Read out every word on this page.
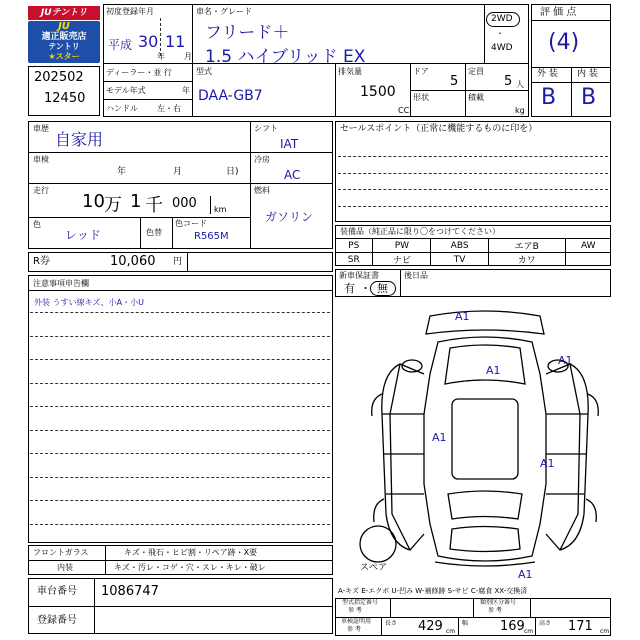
JUテントリ
JU
適正販売店
テントリ
★スター
202502
12450
初度登録年月
平成 30
年
11
月
車名・グレード
フリード＋
1.5 ハイブリッド EX
2WD
・
4WD
評 価 点
(4)
外 装 内 装
B B
ディーラー・並 行
モデル年式	年
ハンドル 左・右
型式
DAA-GB7
排気量
1500
CC
ドア
5
形状
定員
5 人
積載
kg
車歴
自家用
車検
年	月	日)
走行
10 万 1 千 000 km
色
レッド	色替
色コード
R565M
シフト
IAT
冷房
AC
燃料
ガソリン
R券	10,060 円
注意事項申告欄
外装 うすい線キズ、小A・小U
フロントガラス	キズ・飛石・ヒビ割・リペア跡・X要
内装	キズ・汚レ・コゲ・穴・スレ・キレ・破レ
車台番号 1086747
登録番号
セールスポイント（正常に機能するものに印を）
装備品（純正品に限り〇をつけてください）
PS	PW	ABS	エアB	AW
SR	ナビ	TV	カワ	
新車保証書
有 ・ 無
後日品
A1
A1
A1
A1
A1
A1
スペア
A-キズ E-エクボ U-凹み W-補修跡 S-サビ C-腐食 XX-交換済
型式指定番号
参 考
類別区分番号
参 考
車検証明用
参 考
長さ 429 cm
幅 169 cm
高さ 171 cm
